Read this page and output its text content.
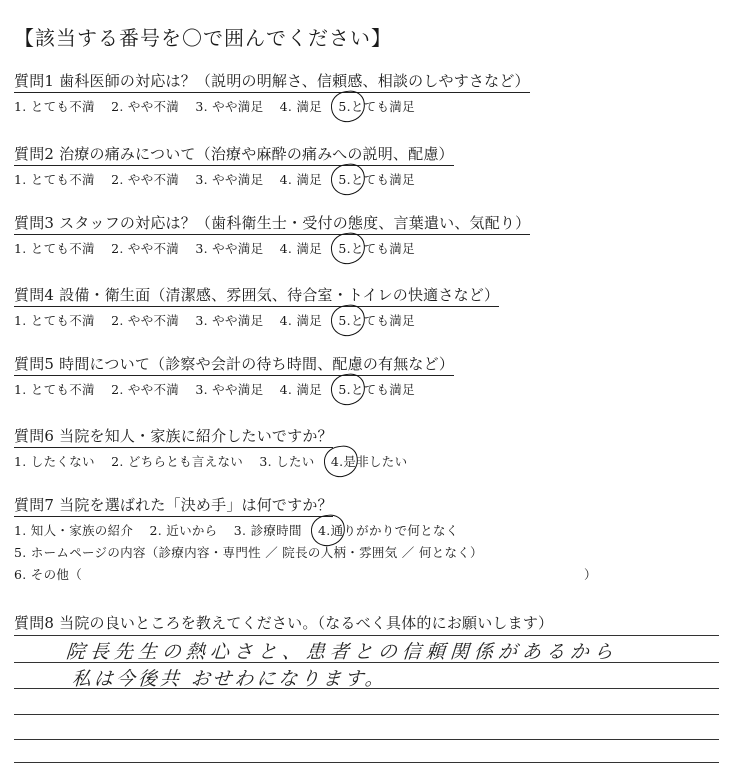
【該当する番号を〇で囲んでください】
質問1 歯科医師の対応は？（説明の明解さ、信頼感、相談のしやすさなど）
1. とても不満 2. やや不満 3. やや満足 4. 満足 5.とても満足
質問2 治療の痛みについて（治療や麻酔の痛みへの説明、配慮）
1. とても不満 2. やや不満 3. やや満足 4. 満足 5.とても満足
質問3 スタッフの対応は？（歯科衛生士・受付の態度、言葉遣い、気配り）
1. とても不満 2. やや不満 3. やや満足 4. 満足 5.とても満足
質問4 設備・衛生面（清潔感、雰囲気、待合室・トイレの快適さなど）
1. とても不満 2. やや不満 3. やや満足 4. 満足 5.とても満足
質問5 時間について（診察や会計の待ち時間、配慮の有無など）
1. とても不満 2. やや不満 3. やや満足 4. 満足 5.とても満足
質問6 当院を知人・家族に紹介したいですか？
1. したくない 2. どちらとも言えない 3. したい 4.是非したい
質問7 当院を選ばれた「決め手」は何ですか？
1. 知人・家族の紹介 2. 近いから 3. 診療時間 4.通りがかりで何となく
5. ホームページの内容（診療内容・専門性 ／ 院長の人柄・雰囲気 ／ 何となく）
6. その他（	）
質問8 当院の良いところを教えてください。（なるべく具体的にお願いします）
院長先生の熱心さと、患者との信頼関係があるから
私は今後共 おせわになります。
